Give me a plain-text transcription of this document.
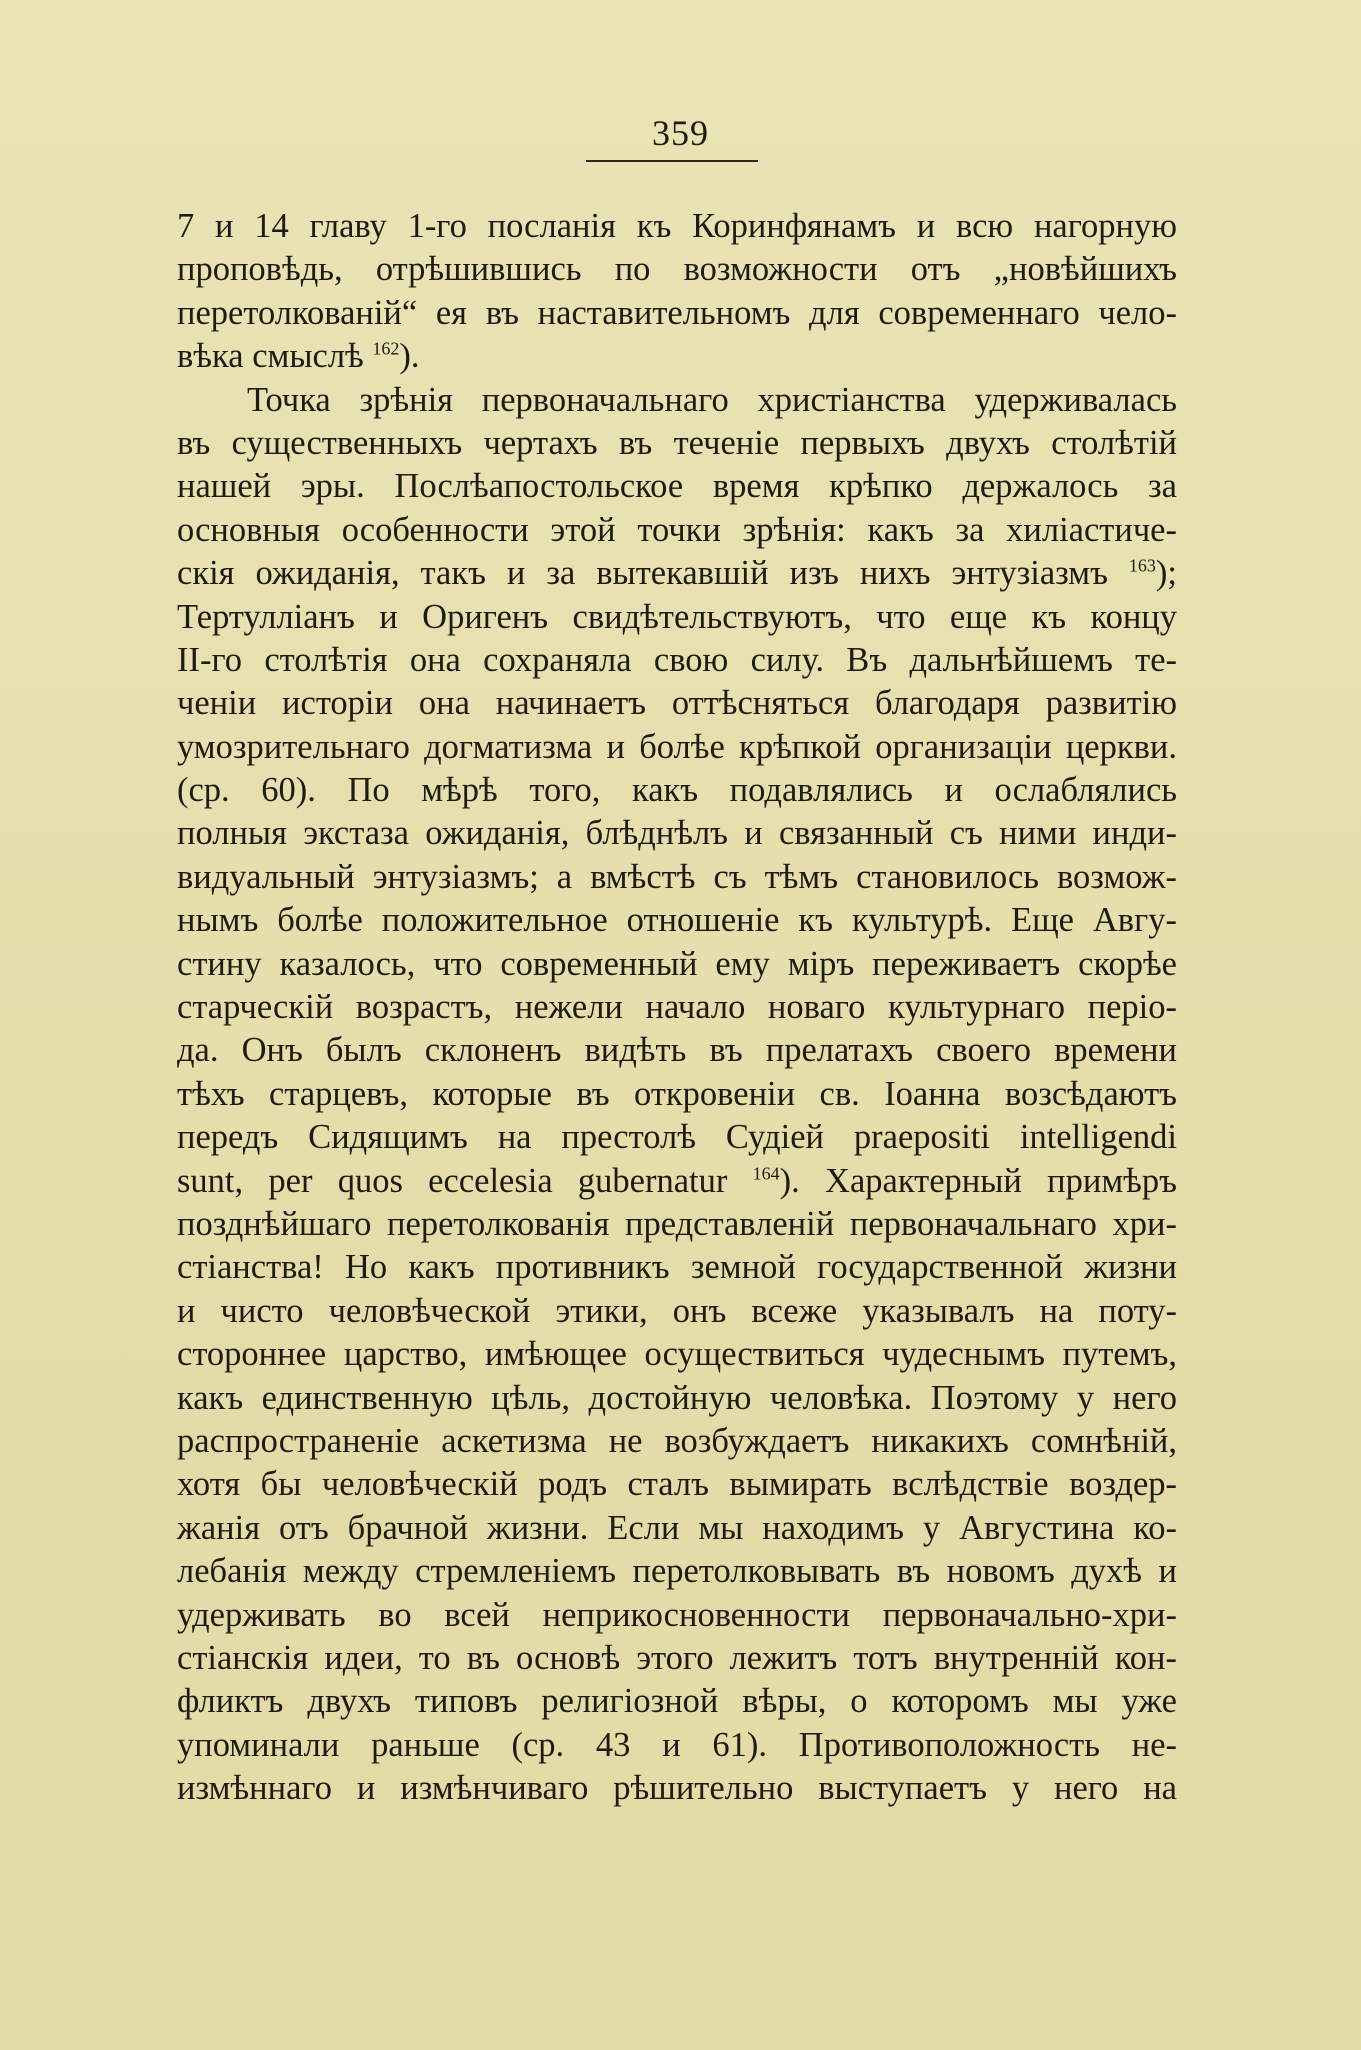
359
7 и 14 главу 1-го посланія къ Коринфянамъ и всю нагорную
проповѣдь, отрѣшившись по возможности отъ „новѣйшихъ
перетолкованій“ ея въ наставительномъ для современнаго чело-
вѣка смыслѣ $^{162}$).
Точка зрѣнія первоначальнаго христіанства удерживалась
въ существенныхъ чертахъ въ теченіе первыхъ двухъ столѣтій
нашей эры. Послѣапостольское время крѣпко держалось за
основныя особенности этой точки зрѣнія: какъ за хиліастиче-
скія ожиданія, такъ и за вытекавшій изъ нихъ энтузіазмъ $^{163}$);
Тертулліанъ и Оригенъ свидѣтельствуютъ, что еще къ концу
II-го столѣтія она сохраняла свою силу. Въ дальнѣйшемъ те-
ченіи исторіи она начинаетъ оттѣсняться благодаря развитію
умозрительнаго догматизма и болѣе крѣпкой организаціи церкви.
(ср. 60). По мѣрѣ того, какъ подавлялись и ослаблялись
полныя экстаза ожиданія, блѣднѣлъ и связанный съ ними инди-
видуальный энтузіазмъ; а вмѣстѣ съ тѣмъ становилось возмож-
нымъ болѣе положительное отношеніе къ культурѣ. Еще Авгу-
стину казалось, что современный ему міръ переживаетъ скорѣе
старческій возрастъ, нежели начало новаго культурнаго періо-
да. Онъ былъ склоненъ видѣть въ прелатахъ своего времени
тѣхъ старцевъ, которые въ откровеніи св. Іоанна возсѣдаютъ
передъ Сидящимъ на престолѣ Судіей praepositi intelligendi
sunt, per quos eccelesia gubernatur $^{164}$). Характерный примѣръ
позднѣйшаго перетолкованія представленій первоначальнаго хри-
стіанства! Но какъ противникъ земной государственной жизни
и чисто человѣческой этики, онъ всеже указывалъ на поту-
стороннее царство, имѣющее осуществиться чудеснымъ путемъ,
какъ единственную цѣль, достойную человѣка. Поэтому у него
распространеніе аскетизма не возбуждаетъ никакихъ сомнѣній,
хотя бы человѣческій родъ сталъ вымирать вслѣдствіе воздер-
жанія отъ брачной жизни. Если мы находимъ у Августина ко-
лебанія между стремленіемъ перетолковывать въ новомъ духѣ и
удерживать во всей неприкосновенности первоначально-хри-
стіанскія идеи, то въ основѣ этого лежитъ тотъ внутренній кон-
фликтъ двухъ типовъ религіозной вѣры, о которомъ мы уже
упоминали раньше (ср. 43 и 61). Противоположность не-
измѣннаго и измѣнчиваго рѣшительно выступаетъ у него на
